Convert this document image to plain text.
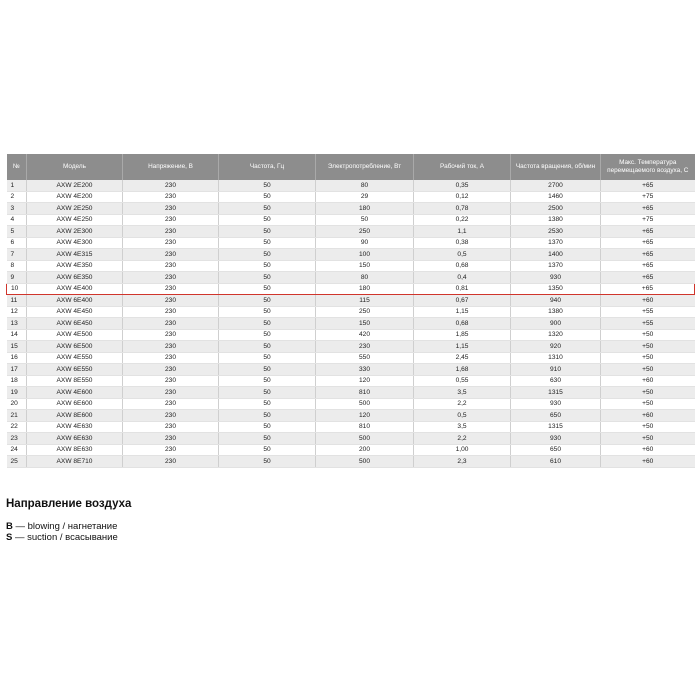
№	Модель	Напряжение, В	Частота, Гц	Электропотребление, Вт	Рабочий ток, А	Частота вращения, об/мин	Макс. Температура перемещаемого воздуха, С
1	AXW 2E200	230	50	80	0,35	2700	+65
2	AXW 4E200	230	50	29	0,12	1460	+75
3	AXW 2E250	230	50	180	0,78	2500	+65
4	AXW 4E250	230	50	50	0,22	1380	+75
5	AXW 2E300	230	50	250	1,1	2530	+65
6	AXW 4E300	230	50	90	0,38	1370	+65
7	AXW 4E315	230	50	100	0,5	1400	+65
8	AXW 4E350	230	50	150	0,68	1370	+65
9	AXW 6E350	230	50	80	0,4	930	+65
10	AXW 4E400	230	50	180	0,81	1350	+65
11	AXW 6E400	230	50	115	0,67	940	+60
12	AXW 4E450	230	50	250	1,15	1380	+55
13	AXW 6E450	230	50	150	0,68	900	+55
14	AXW 4E500	230	50	420	1,85	1320	+50
15	AXW 6E500	230	50	230	1,15	920	+50
16	AXW 4E550	230	50	550	2,45	1310	+50
17	AXW 6E550	230	50	330	1,68	910	+50
18	AXW 8E550	230	50	120	0,55	630	+60
19	AXW 4E600	230	50	810	3,5	1315	+50
20	AXW 6E600	230	50	500	2,2	930	+50
21	AXW 8E600	230	50	120	0,5	650	+60
22	AXW 4E630	230	50	810	3,5	1315	+50
23	AXW 6E630	230	50	500	2,2	930	+50
24	AXW 8E630	230	50	200	1,00	650	+60
25	AXW 8E710	230	50	500	2,3	610	+60
Направление воздуха
B — blowing / нагнетание
S — suction / всасывание
